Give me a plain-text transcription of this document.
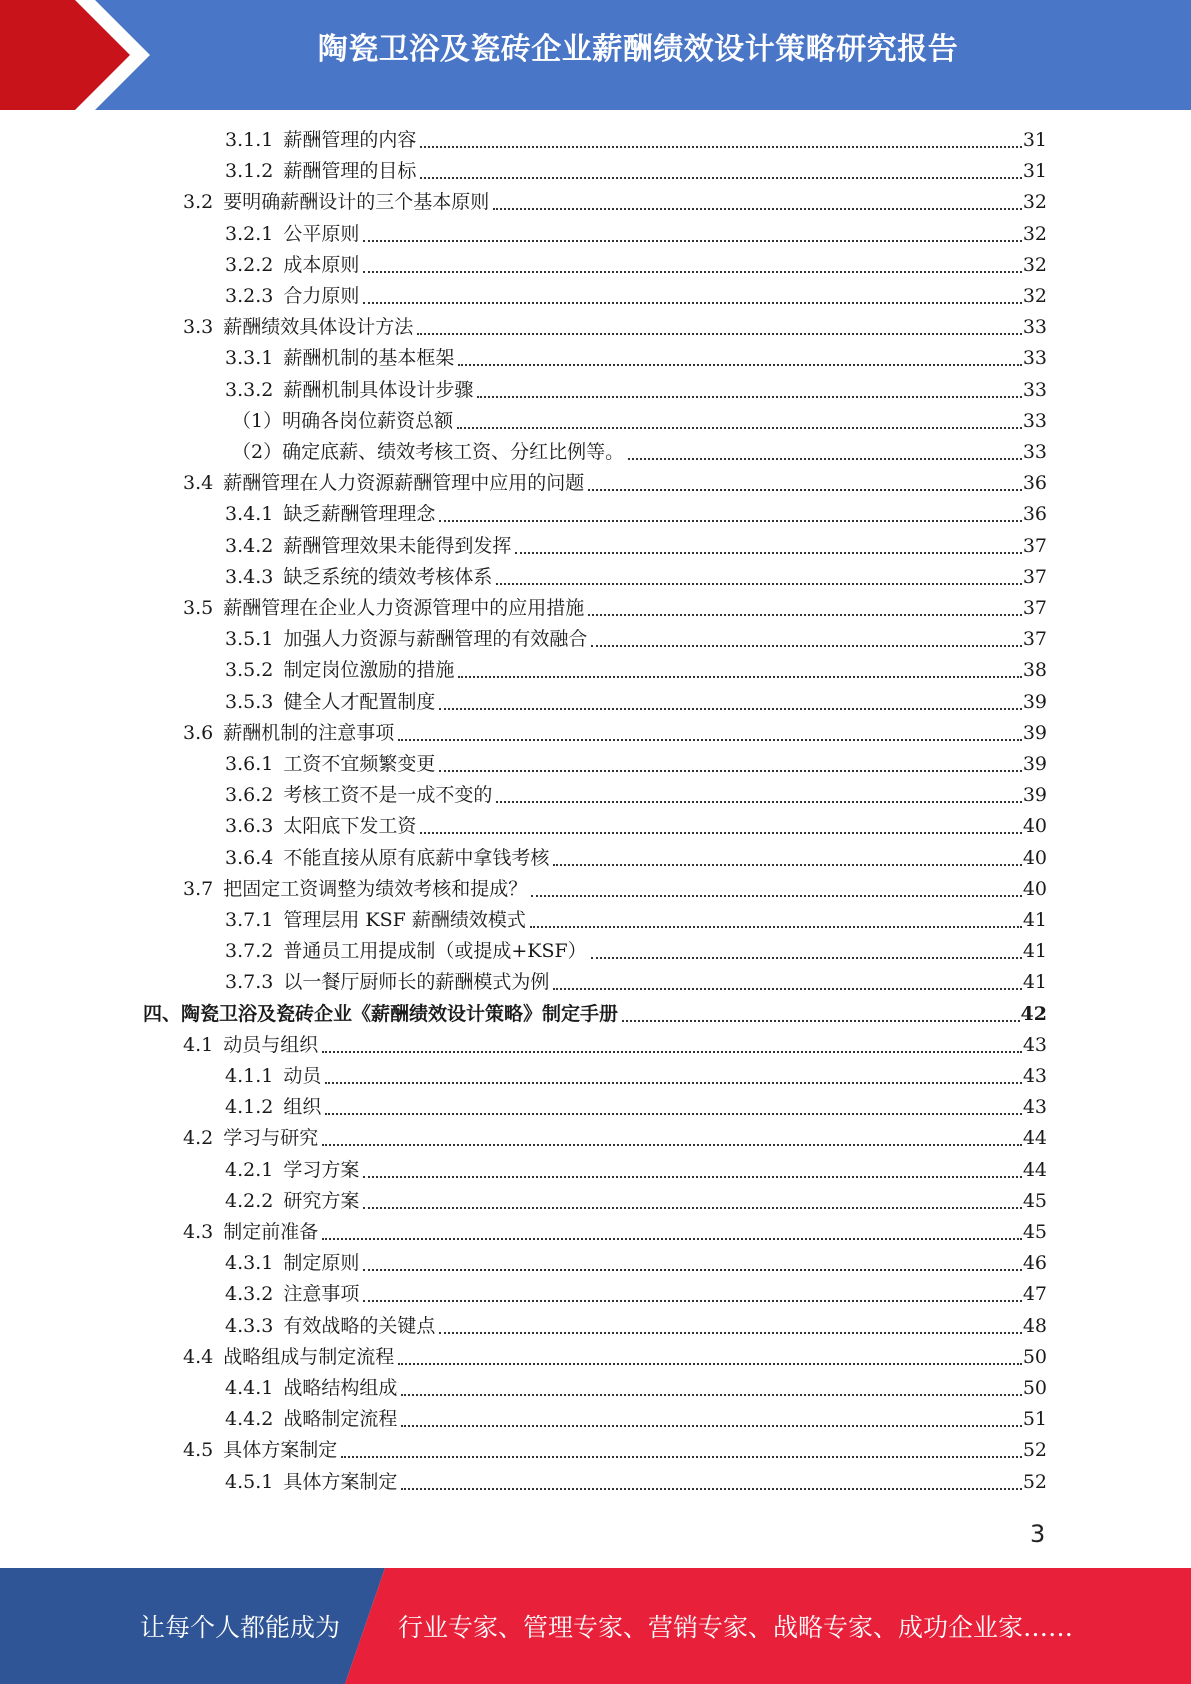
陶瓷卫浴及瓷砖企业薪酬绩效设计策略研究报告
3.1.1 薪酬管理的内容	31
3.1.2 薪酬管理的目标	31
3.2 要明确薪酬设计的三个基本原则	32
3.2.1 公平原则	32
3.2.2 成本原则	32
3.2.3 合力原则	32
3.3 薪酬绩效具体设计方法	33
3.3.1 薪酬机制的基本框架	33
3.3.2 薪酬机制具体设计步骤	33
（1）明确各岗位薪资总额	33
（2）确定底薪、绩效考核工资、分红比例等。	33
3.4 薪酬管理在人力资源薪酬管理中应用的问题	36
3.4.1 缺乏薪酬管理理念	36
3.4.2 薪酬管理效果未能得到发挥	37
3.4.3 缺乏系统的绩效考核体系	37
3.5 薪酬管理在企业人力资源管理中的应用措施	37
3.5.1 加强人力资源与薪酬管理的有效融合	37
3.5.2 制定岗位激励的措施	38
3.5.3 健全人才配置制度	39
3.6 薪酬机制的注意事项	39
3.6.1 工资不宜频繁变更	39
3.6.2 考核工资不是一成不变的	39
3.6.3 太阳底下发工资	40
3.6.4 不能直接从原有底薪中拿钱考核	40
3.7 把固定工资调整为绩效考核和提成？	40
3.7.1 管理层用 KSF 薪酬绩效模式	41
3.7.2 普通员工用提成制（或提成+KSF）	41
3.7.3 以一餐厅厨师长的薪酬模式为例	41
四、陶瓷卫浴及瓷砖企业《薪酬绩效设计策略》制定手册	42
4.1 动员与组织	43
4.1.1 动员	43
4.1.2 组织	43
4.2 学习与研究	44
4.2.1 学习方案	44
4.2.2 研究方案	45
4.3 制定前准备	45
4.3.1 制定原则	46
4.3.2 注意事项	47
4.3.3 有效战略的关键点	48
4.4 战略组成与制定流程	50
4.4.1 战略结构组成	50
4.4.2 战略制定流程	51
4.5 具体方案制定	52
4.5.1 具体方案制定	52
3
让每个人都能成为 行业专家、管理专家、营销专家、战略专家、成功企业家……
